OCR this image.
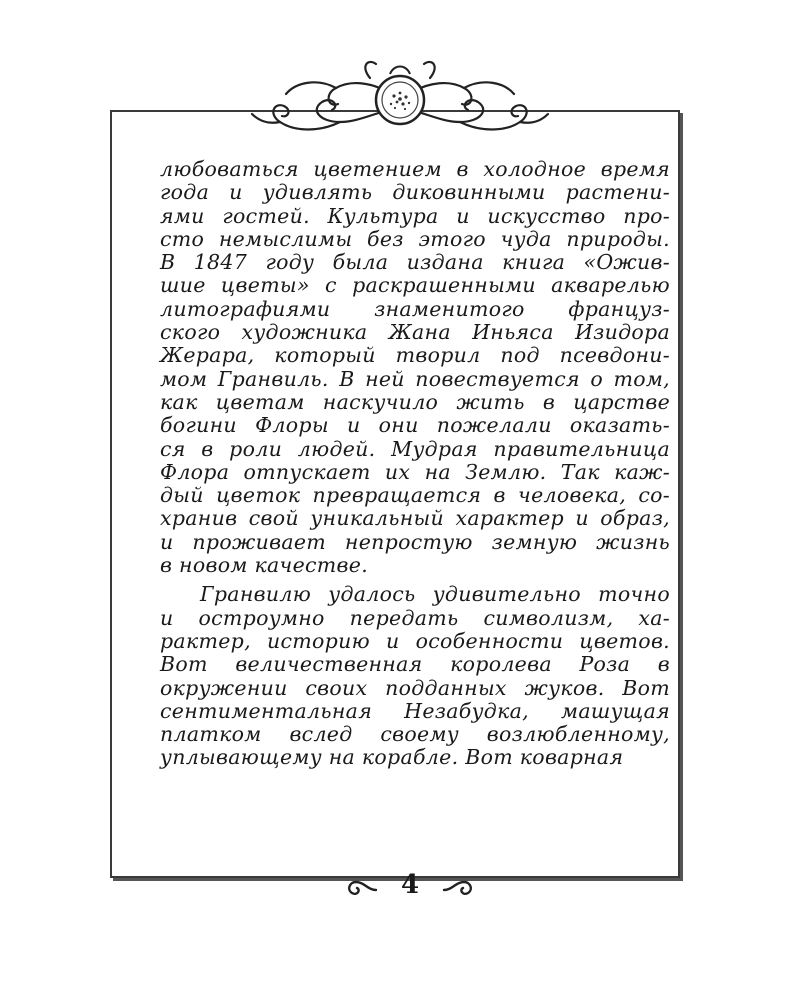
любоваться цветением в холодное время
года и удивлять диковинными растени-
ями гостей. Культура и искусство про-
сто немыслимы без этого чуда природы.
В 1847 году была издана книга «Ожив-
шие цветы» с раскрашенными акварелью
литографиями знаменитого француз-
ского художника Жана Иньяса Изидора
Жерара, который творил под псевдони-
мом Гранвиль. В ней повествуется о том,
как цветам наскучило жить в царстве
богини Флоры и они пожелали оказать-
ся в роли людей. Мудрая правительница
Флора отпускает их на Землю. Так каж-
дый цветок превращается в человека, со-
хранив свой уникальный характер и образ,
и проживает непростую земную жизнь
в новом качестве.
Гранвилю удалось удивительно точно
и остроумно передать символизм, ха-
рактер, историю и особенности цветов.
Вот величественная королева Роза в
окружении своих подданных жуков. Вот
сентиментальная Незабудка, машущая
платком вслед своему возлюбленному,
уплывающему на корабле. Вот коварная
4
